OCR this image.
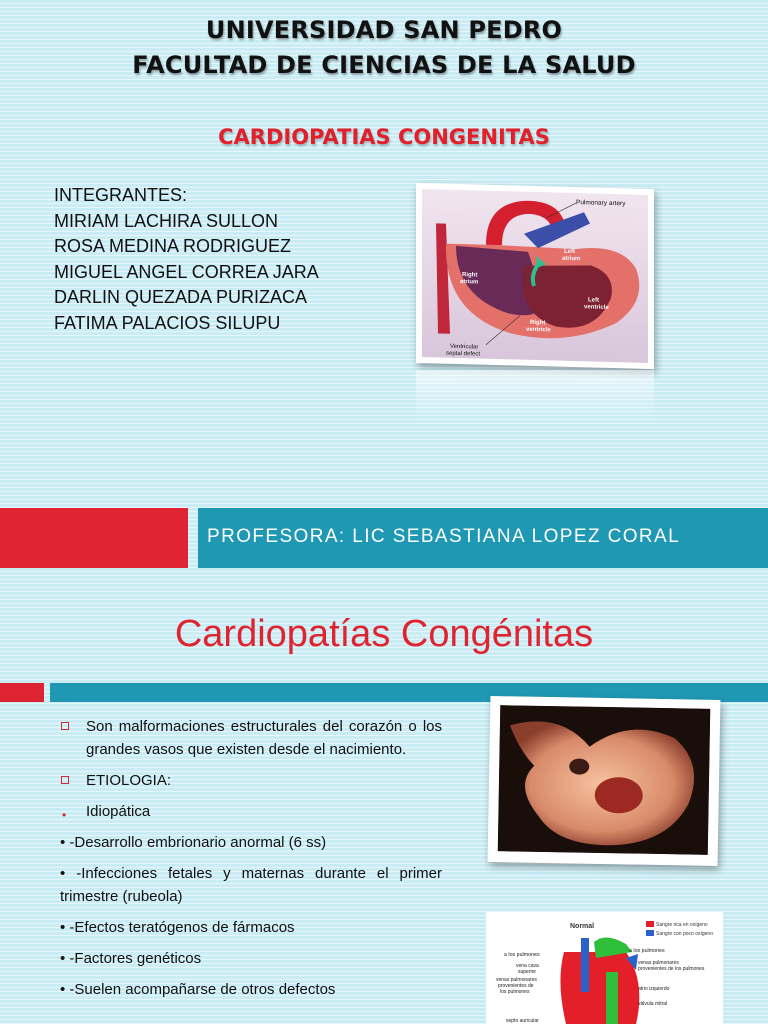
UNIVERSIDAD SAN PEDRO
FACULTAD DE CIENCIAS DE LA SALUD
CARDIOPATIAS CONGENITAS
INTEGRANTES:
MIRIAM LACHIRA SULLON
ROSA MEDINA RODRIGUEZ
MIGUEL ANGEL CORREA JARA
DARLIN QUEZADA PURIZACA
FATIMA PALACIOS SILUPU
Pulmonary artery
Left
atrium
Right
atrium
Left
ventricle
Right
ventricle
Ventricular
septal defect
PROFESORA: LIC SEBASTIANA LOPEZ CORAL
Cardiopatías Congénitas
Son malformaciones estructurales del corazón o los grandes vasos que existen desde el nacimiento.
ETIOLOGIA:
• Idiopática
• -Desarrollo embrionario anormal (6 ss)
• -Infecciones fetales y maternas durante el primer trimestre (rubeola)
• -Efectos teratógenos de fármacos
• -Factores genéticos
• -Suelen acompañarse de otros defectos
Normal	Sangre rica en oxígeno
Sangre con poco oxígeno
a los pulmones
a los pulmones
vena cava
superior
venas pulmonares
provenientes de
los pulmones
venas pulmonares
provenientes de los pulmones
atrio izquierdo
válvula mitral
septo auricular
